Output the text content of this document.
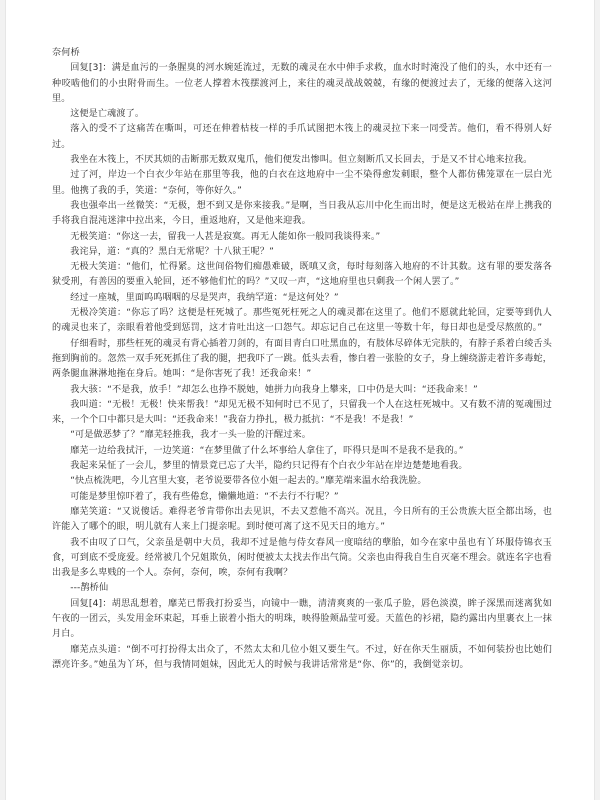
奈何桥

回复[3]：满是血污的一条腥臭的河水婉延流过，无数的魂灵在水中伸手求救，血水时时淹没了他们的头，水中还有一种咬啮他们的小虫附骨而生。一位老人撑着木筏摆渡河上，来往的魂灵战战兢兢，有缘的便渡过去了，无缘的便落入这河里。

这便是亡魂渡了。

落入的受不了这痛苦在嘶叫，可还在伸着枯枝一样的手爪试图把木筏上的魂灵拉下来一同受苦。他们，看不得别人好过。

我坐在木筏上，不厌其烦的击断那无数双鬼爪，他们便发出惨叫。但立刻断爪又长回去，于是又不甘心地来拉我。

过了河，岸边一个白衣少年站在那里等我，他的白衣在这地府中一尘不染得愈发刺眼，整个人都仿佛笼罩在一层白光里。他携了我的手，笑道：“奈何，等你好久。”

我也强牵出一丝微笑：“无极，想不到又是你来接我。”是啊，当日我从忘川中化生而出时，便是这无极站在岸上携我的手将我自混沌迷津中拉出来，今日，重返地府，又是他来迎我。

无极笑道：“你这一去，留我一人甚是寂寞。再无人能如你一般同我谈得来。”

我诧异，道：“真的？黑白无常呢？十八狱王呢？”

无极大笑道：“他们，忙得紧。这世间俗物们痴愚难破，既嗔又贪，每时每刻落入地府的不计其数。这有罪的要发落各狱受刑，有善因的要重入轮回，还不够他们忙的吗？”又叹一声，“这地府里也只剩我一个闲人罢了。”

经过一座城，里面呜呜咽咽的尽是哭声，我纳罕道：“是这何处？”

无极冷笑道：“你忘了吗？这便是枉死城了。那些冤死枉死之人的魂灵都在这里了。他们不愿就此轮回，定要等到仇人的魂灵也来了，亲眼看着他受到惩罚，这才肯吐出这一口怨气。却忘记自己在这里一等数十年，每日却也是受尽熬煎的。”

仔细看时，那些枉死的魂灵有背心插着刀剑的，有面目青白口吐黑血的，有肢体尽碎体无完肤的，有脖子系着白绫舌头拖到胸前的。忽然一双手死死抓住了我的腿，把我吓了一跳。低头去看，惨白着一张脸的女子，身上缠绕游走着许多毒蛇，两条腿血淋淋地拖在身后。她叫：“是你害死了我！还我命来！”

我大骇：“不是我，放手！”却怎么也挣不脱她，她拼力向我身上攀来，口中仍是大叫：“还我命来！”

我叫道：“无极！无极！快来帮我！”却见无极不知何时已不见了，只留我一个人在这枉死城中。又有数不清的冤魂围过来，一个个口中都只是大叫：“还我命来！”我奋力挣扎，极力抵抗：“不是我！不是我！”

“可是做恶梦了？”靡芜轻推我，我才一头一脸的汗醒过来。

靡芜一边给我拭汗，一边笑道：“在梦里做了什么坏事给人拿住了，吓得只是叫不是我不是我的。”

我起来呆怔了一会儿，梦里的情景竟已忘了大半，隐约只记得有个白衣少年站在岸边楚楚地看我。

“快点梳洗吧，今儿宫里大宴，老爷说要带各位小姐一起去的。”靡芜端来温水给我洗脸。

可能是梦里惊吓着了，我有些倦怠，懒懒地道：“不去行不行呢？”

靡芜笑道：“又说傻话。难得老爷肯带你出去见识，不去又惹他不高兴。况且，今日所有的王公贵族大臣全都出场，也许能入了哪个的眼，明儿就有人来上门提亲呢。到时便可离了这不见天日的地方。”

我不由叹了口气，父亲虽是朝中大员，我却不过是他与侍女春风一度暗结的孽胎，如今在家中虽也有丫环服侍锦衣玉食，可到底不受庞爱。经常被几个兄姐欺负，闲时便被太太找去作出气筒。父亲也由得我自生自灭毫不理会。就连名字也看出我是多么卑贱的一个人。奈何，奈何，唉，奈何有我啊？

---鹊桥仙

回复[4]：胡思乱想着，靡芜已帮我打扮妥当，向镜中一瞧，清清爽爽的一张瓜子脸，唇色淡漠，眸子深黑而迷离犹如午夜的一团云，头发用金环束起，耳垂上嵌着小指大的明珠，映得脸颊晶莹可爱。天蓝色的衫裙，隐约露出内里裹衣上一抹月白。

靡芜点头道：“倒不可打扮得太出众了，不然太太和几位小姐又要生气。不过，好在你天生丽质，不如何装扮也比她们漂亮许多。”她虽为丫环，但与我情同姐妹，因此无人的时候与我讲话常常是“你、你”的，我倒觉亲切。
